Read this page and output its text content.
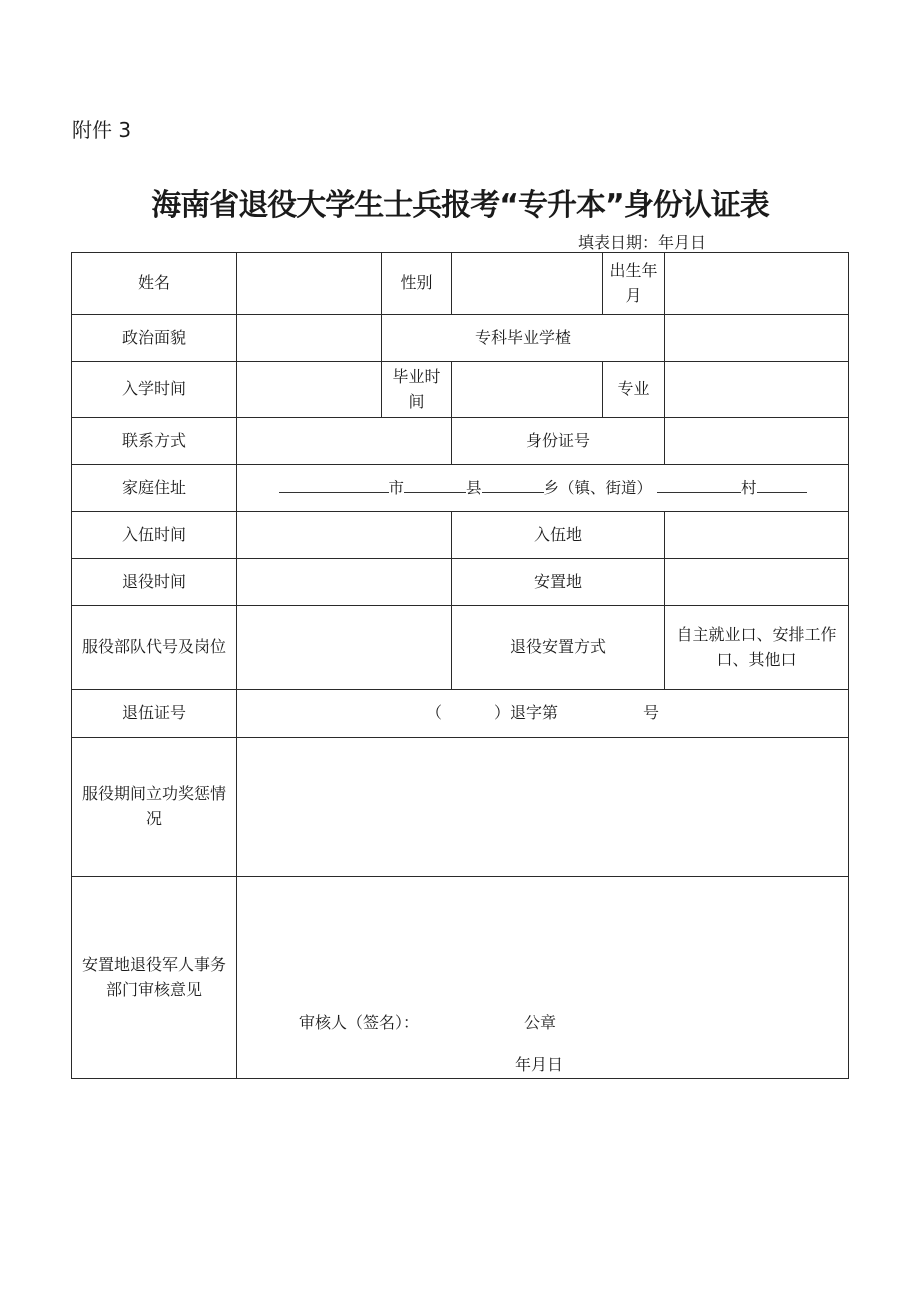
附件 3
海南省退役大学生士兵报考“专升本”身份认证表
填表日期：年月日
姓名		性别		出生年月	
政治面貌		专科毕业学楂			
入学时间		毕业时间		专业	
联系方式			身份证号		
家庭住址	市 县 乡（镇、街道） 村				
入伍时间			入伍地		
退役时间			安置地		
服役部队代号及岗位			退役安置方式		自主就业口、安排工作口、其他口
退伍证号	（ ）退字第 号				
服役期间立功奖惩情况					
安置地退役军人事务部门审核意见	审核人（签名）： 公章
年月日				
